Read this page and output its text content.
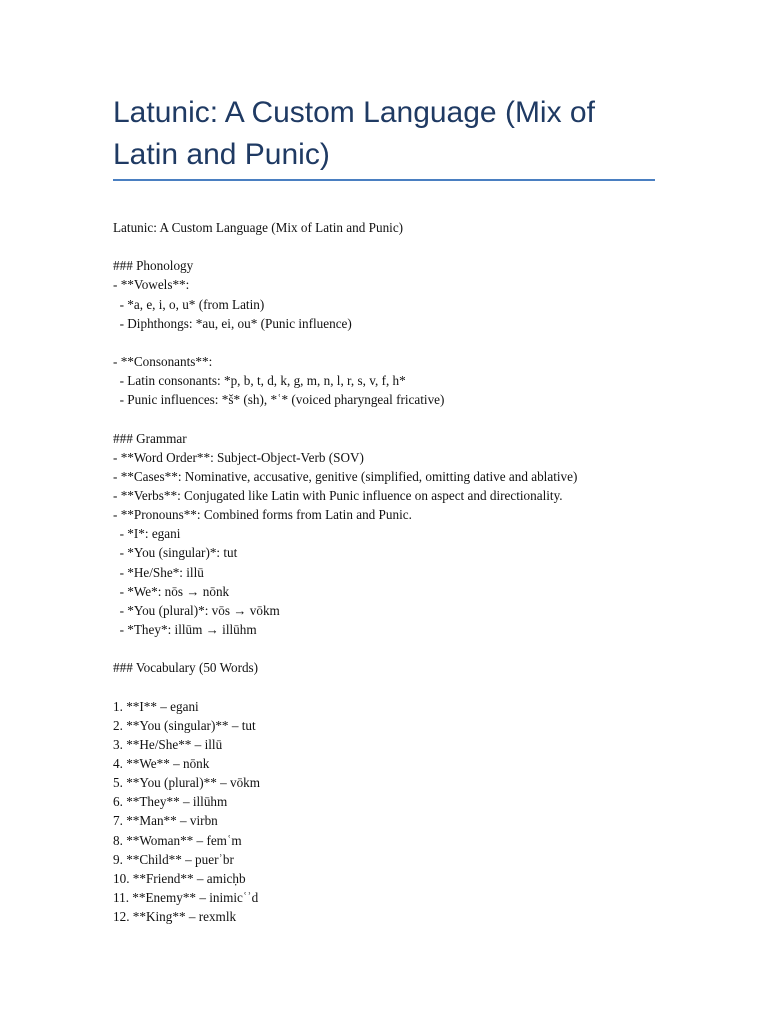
Latunic: A Custom Language (Mix of Latin and Punic)
Latunic: A Custom Language (Mix of Latin and Punic)
### Phonology
- **Vowels**:
- *a, e, i, o, u* (from Latin)
- Diphthongs: *au, ei, ou* (Punic influence)
- **Consonants**:
- Latin consonants: *p, b, t, d, k, g, m, n, l, r, s, v, f, h*
- Punic influences: *š* (sh), *ʿ* (voiced pharyngeal fricative)
### Grammar
- **Word Order**: Subject-Object-Verb (SOV)
- **Cases**: Nominative, accusative, genitive (simplified, omitting dative and ablative)
- **Verbs**: Conjugated like Latin with Punic influence on aspect and directionality.
- **Pronouns**: Combined forms from Latin and Punic.
- *I*: egani
- *You (singular)*: tut
- *He/She*: illū
- *We*: nōs → nōnk
- *You (plural)*: vōs → vōkm
- *They*: illūm → illūhm
### Vocabulary (50 Words)
1. **I** – egani
2. **You (singular)** – tut
3. **He/She** – illū
4. **We** – nōnk
5. **You (plural)** – vōkm
6. **They** – illūhm
7. **Man** – virbn
8. **Woman** – femʿm
9. **Child** – puerʾbr
10. **Friend** – amicḥb
11. **Enemy** – inimicʿʾd
12. **King** – rexmlk
